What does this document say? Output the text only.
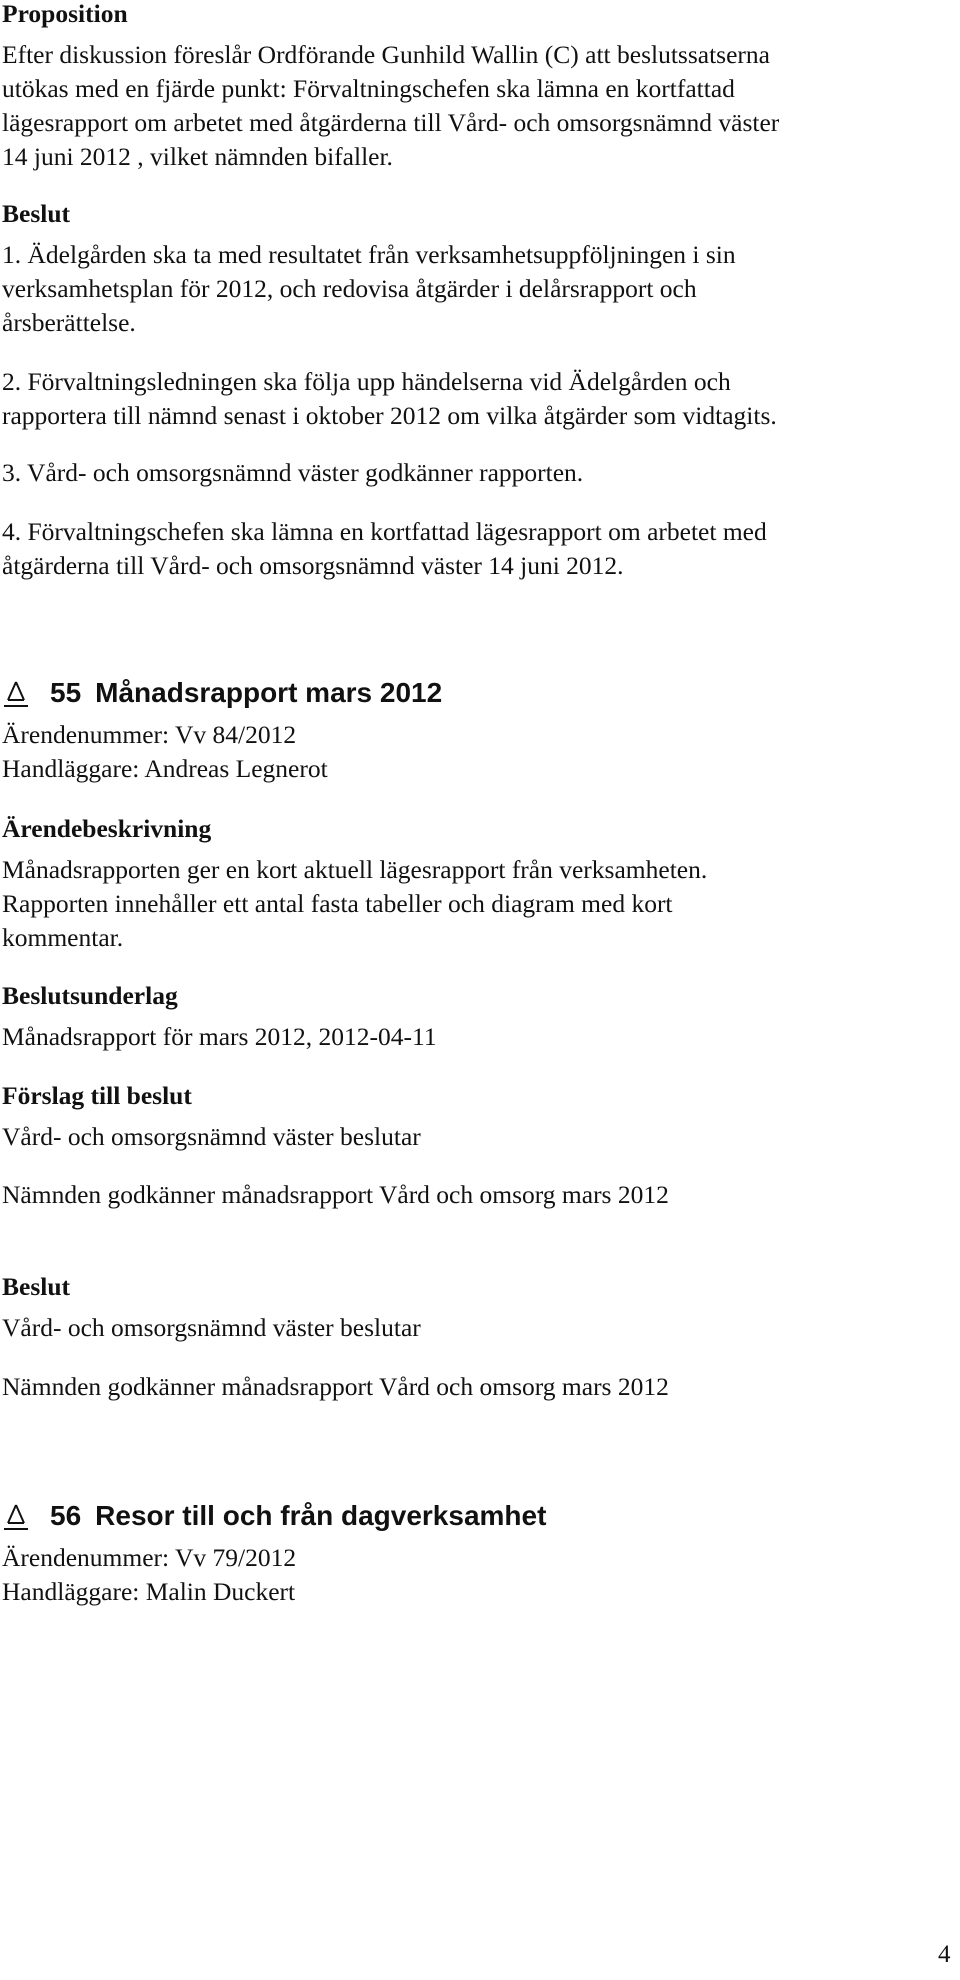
Proposition

Efter diskussion föreslår Ordförande Gunhild Wallin (C) att beslutssatserna

utökas med en fjärde punkt: Förvaltningschefen ska lämna en kortfattad

lägesrapport om arbetet med åtgärderna till Vård- och omsorgsnämnd väster

14 juni 2012 , vilket nämnden bifaller.

Beslut

1. Ädelgården ska ta med resultatet från verksamhetsuppföljningen i sin

verksamhetsplan för 2012, och redovisa åtgärder i delårsrapport och

årsberättelse.

2. Förvaltningsledningen ska följa upp händelserna vid Ädelgården och

rapportera till nämnd senast i oktober 2012 om vilka åtgärder som vidtagits.

3. Vård- och omsorgsnämnd väster godkänner rapporten.

4. Förvaltningschefen ska lämna en kortfattad lägesrapport om arbetet med

åtgärderna till Vård- och omsorgsnämnd väster 14 juni 2012.

55 Månadsrapport mars 2012

Ärendenummer: Vv 84/2012

Handläggare: Andreas Legnerot

Ärendebeskrivning

Månadsrapporten ger en kort aktuell lägesrapport från verksamheten.

Rapporten innehåller ett antal fasta tabeller och diagram med kort

kommentar.

Beslutsunderlag

Månadsrapport för mars 2012, 2012-04-11

Förslag till beslut

Vård- och omsorgsnämnd väster beslutar

Nämnden godkänner månadsrapport Vård och omsorg mars 2012

Beslut

Vård- och omsorgsnämnd väster beslutar

Nämnden godkänner månadsrapport Vård och omsorg mars 2012

56 Resor till och från dagverksamhet

Ärendenummer: Vv 79/2012

Handläggare: Malin Duckert

4
